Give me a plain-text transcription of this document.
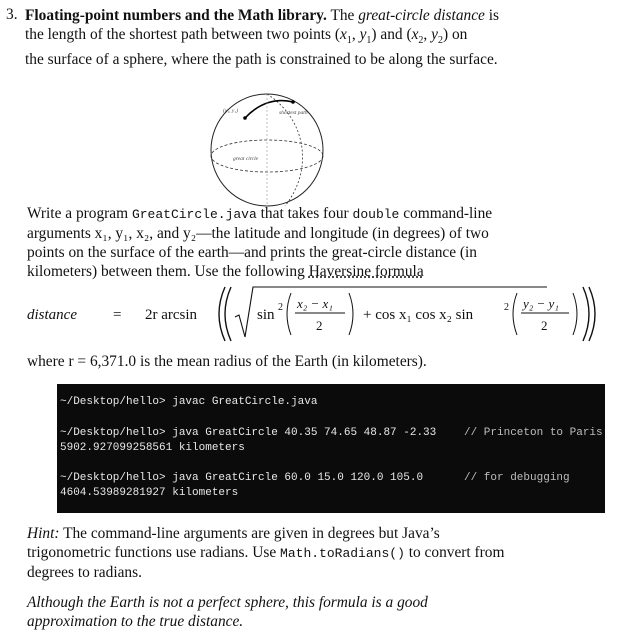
3. Floating-point numbers and the Math library. The great-circle distance is
the length of the shortest path between two points ($x_1$, $y_1$) and ($x_2$, $y_2$) on
the surface of a sphere, where the path is constrained to be along the surface.
(x₁, y₁)	shortest path
great circle
Write a program GreatCircle.java that takes four double command-line
arguments x₁, y₁, x₂, and y₂—the latitude and longitude (in degrees) of two
points on the surface of the earth—and prints the great-circle distance (in
kilometers) between them. Use the following Haversine formula
distance = 2r arcsin	sin 2 x₂ − x₁
2
+ cos x₁ cos x₂ sin	2 y₂ − y₁
2
where r = 6,371.0 is the mean radius of the Earth (in kilometers).
~/Desktop/hello> javac GreatCircle.java
~/Desktop/hello> java GreatCircle 40.35 74.65 48.87 -2.33	// Princeton to Paris
5902.927099258561 kilometers
~/Desktop/hello> java GreatCircle 60.0 15.0 120.0 105.0	// for debugging
4604.53989281927 kilometers
Hint: The command-line arguments are given in degrees but Java’s
trigonometric functions use radians. Use Math.toRadians() to convert from
degrees to radians.
Although the Earth is not a perfect sphere, this formula is a good
approximation to the true distance.
